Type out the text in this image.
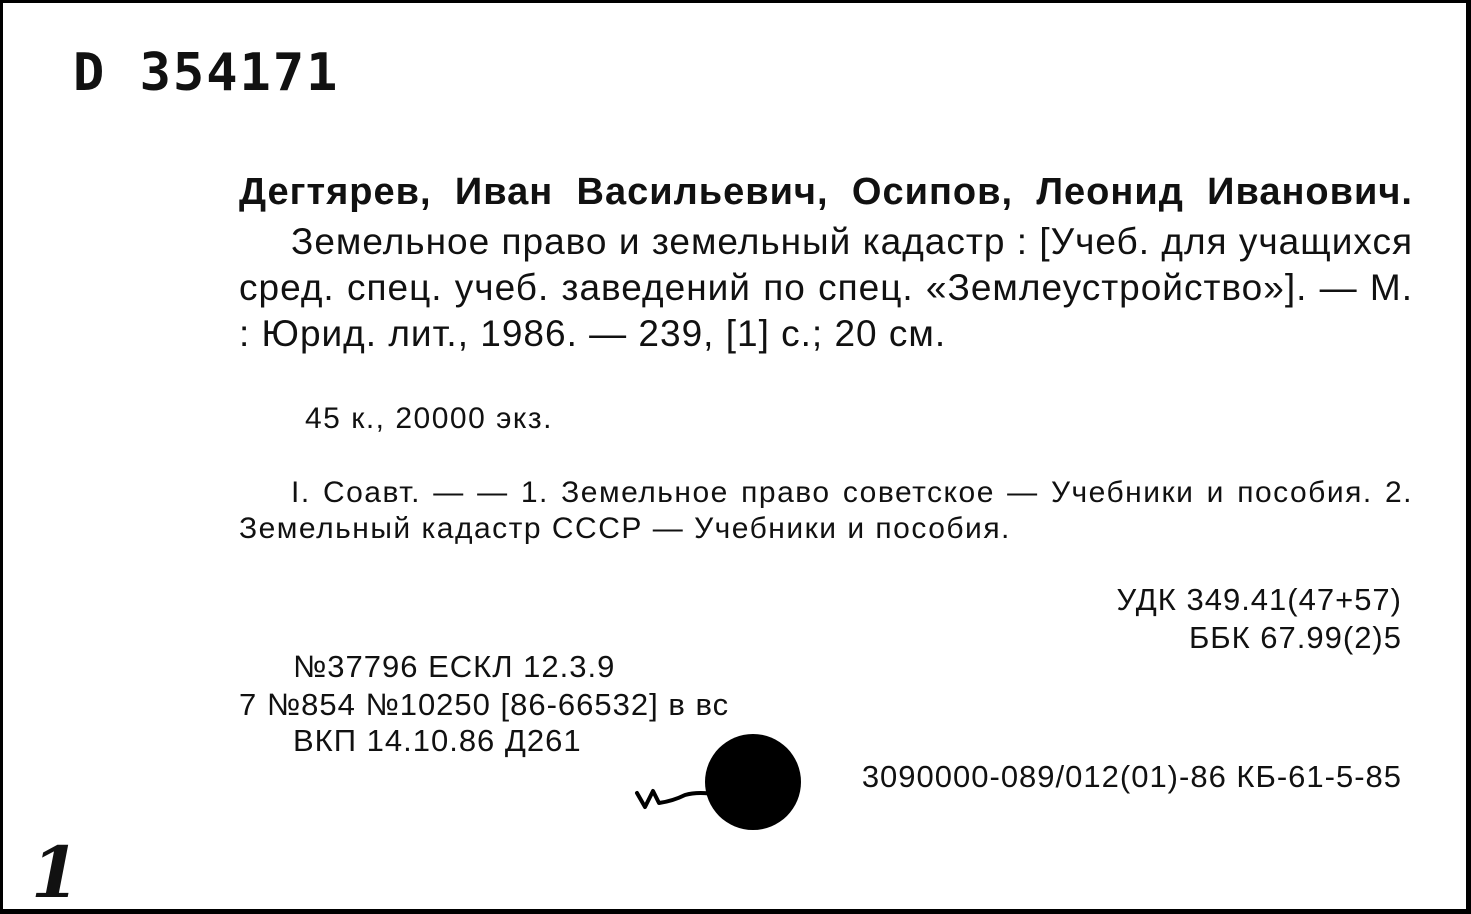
D 354171
Дегтярев, Иван Васильевич, Осипов, Леонид Иванович.
Земельное право и земельный кадастр : [Учеб. для учащихся сред. спец. учеб. заведений по спец. «Землеустройство»]. — М. : Юрид. лит., 1986. — 239, [1] с.; 20 см.
45 к., 20000 экз.
I. Соавт. — — 1. Земельное право советское — Учебники и пособия. 2. Земельный кадастр СССР — Учебники и пособия.
УДК 349.41(47+57)
ББК 67.99(2)5
№37796 ЕСКЛ 12.3.9
7 №854 №10250 [86-66532] в вс
ВКП 14.10.86 Д261
3090000-089/012(01)-86 КБ-61-5-85
1
